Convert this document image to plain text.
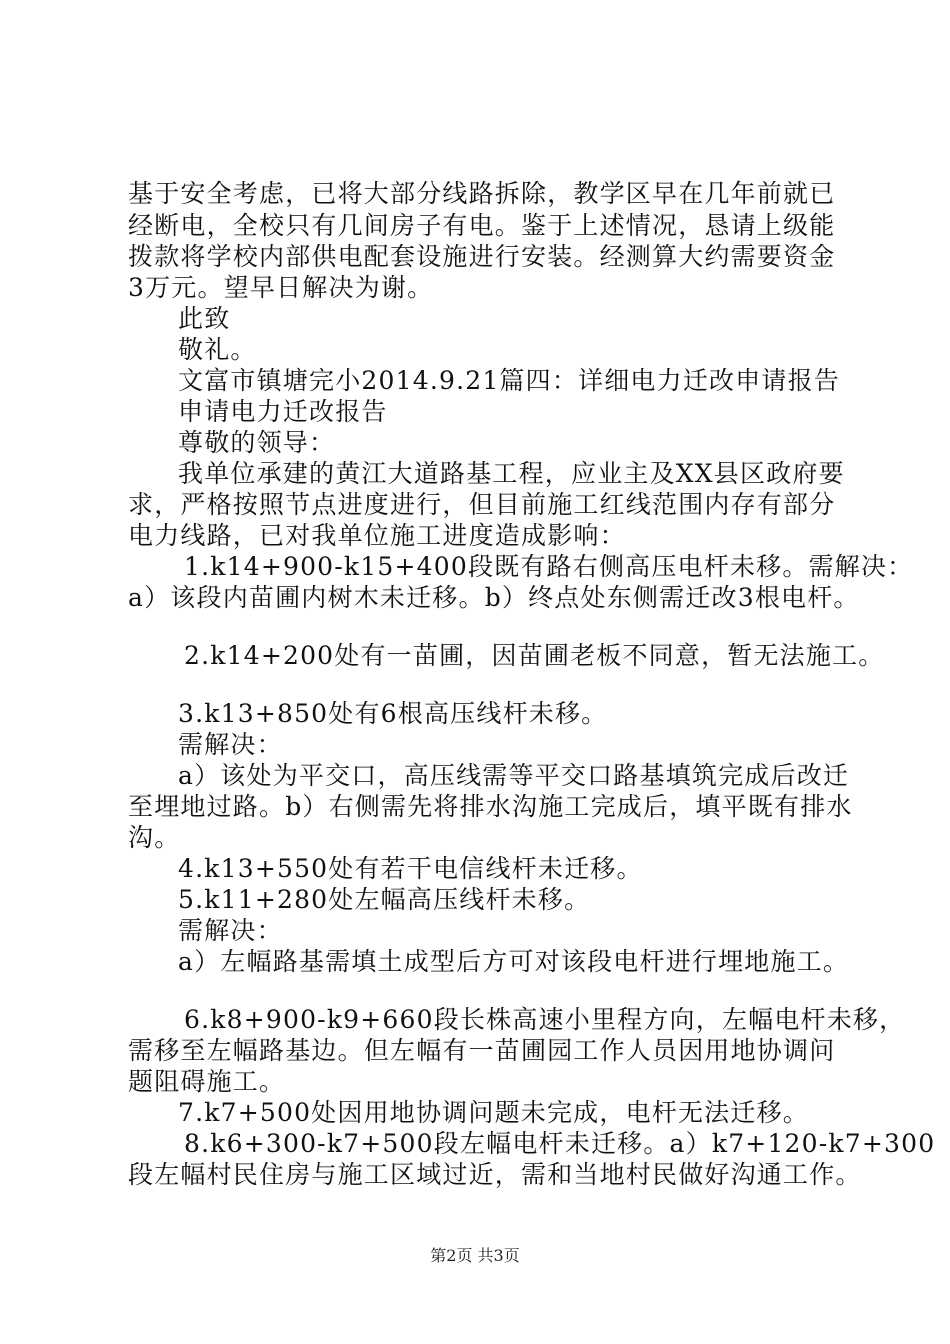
基于安全考虑，已将大部分线路拆除，教学区早在几年前就已

经断电，全校只有几间房子有电。鉴于上述情况，恳请上级能

拨款将学校内部供电配套设施进行安装。经测算大约需要资金

3万元。望早日解决为谢。

此致

敬礼。

文富市镇塘完小2014.9.21篇四：详细电力迁改申请报告

申请电力迁改报告

尊敬的领导：

我单位承建的黄江大道路基工程，应业主及XX县区政府要

求，严格按照节点进度进行，但目前施工红线范围内存有部分

电力线路，已对我单位施工进度造成影响：

1.k14+900-k15+400段既有路右侧高压电杆未移。需解决：

a）该段内苗圃内树木未迁移。b）终点处东侧需迁改3根电杆。

2.k14+200处有一苗圃，因苗圃老板不同意，暂无法施工。

3.k13+850处有6根高压线杆未移。

需解决：

a）该处为平交口，高压线需等平交口路基填筑完成后改迁

至埋地过路。b）右侧需先将排水沟施工完成后，填平既有排水

沟。

4.k13+550处有若干电信线杆未迁移。

5.k11+280处左幅高压线杆未移。

需解决：

a）左幅路基需填土成型后方可对该段电杆进行埋地施工。

6.k8+900-k9+660段长株高速小里程方向，左幅电杆未移，

需移至左幅路基边。但左幅有一苗圃园工作人员因用地协调问

题阻碍施工。

7.k7+500处因用地协调问题未完成，电杆无法迁移。

8.k6+300-k7+500段左幅电杆未迁移。a）k7+120-k7+300

段左幅村民住房与施工区域过近，需和当地村民做好沟通工作。

第2页 共3页
